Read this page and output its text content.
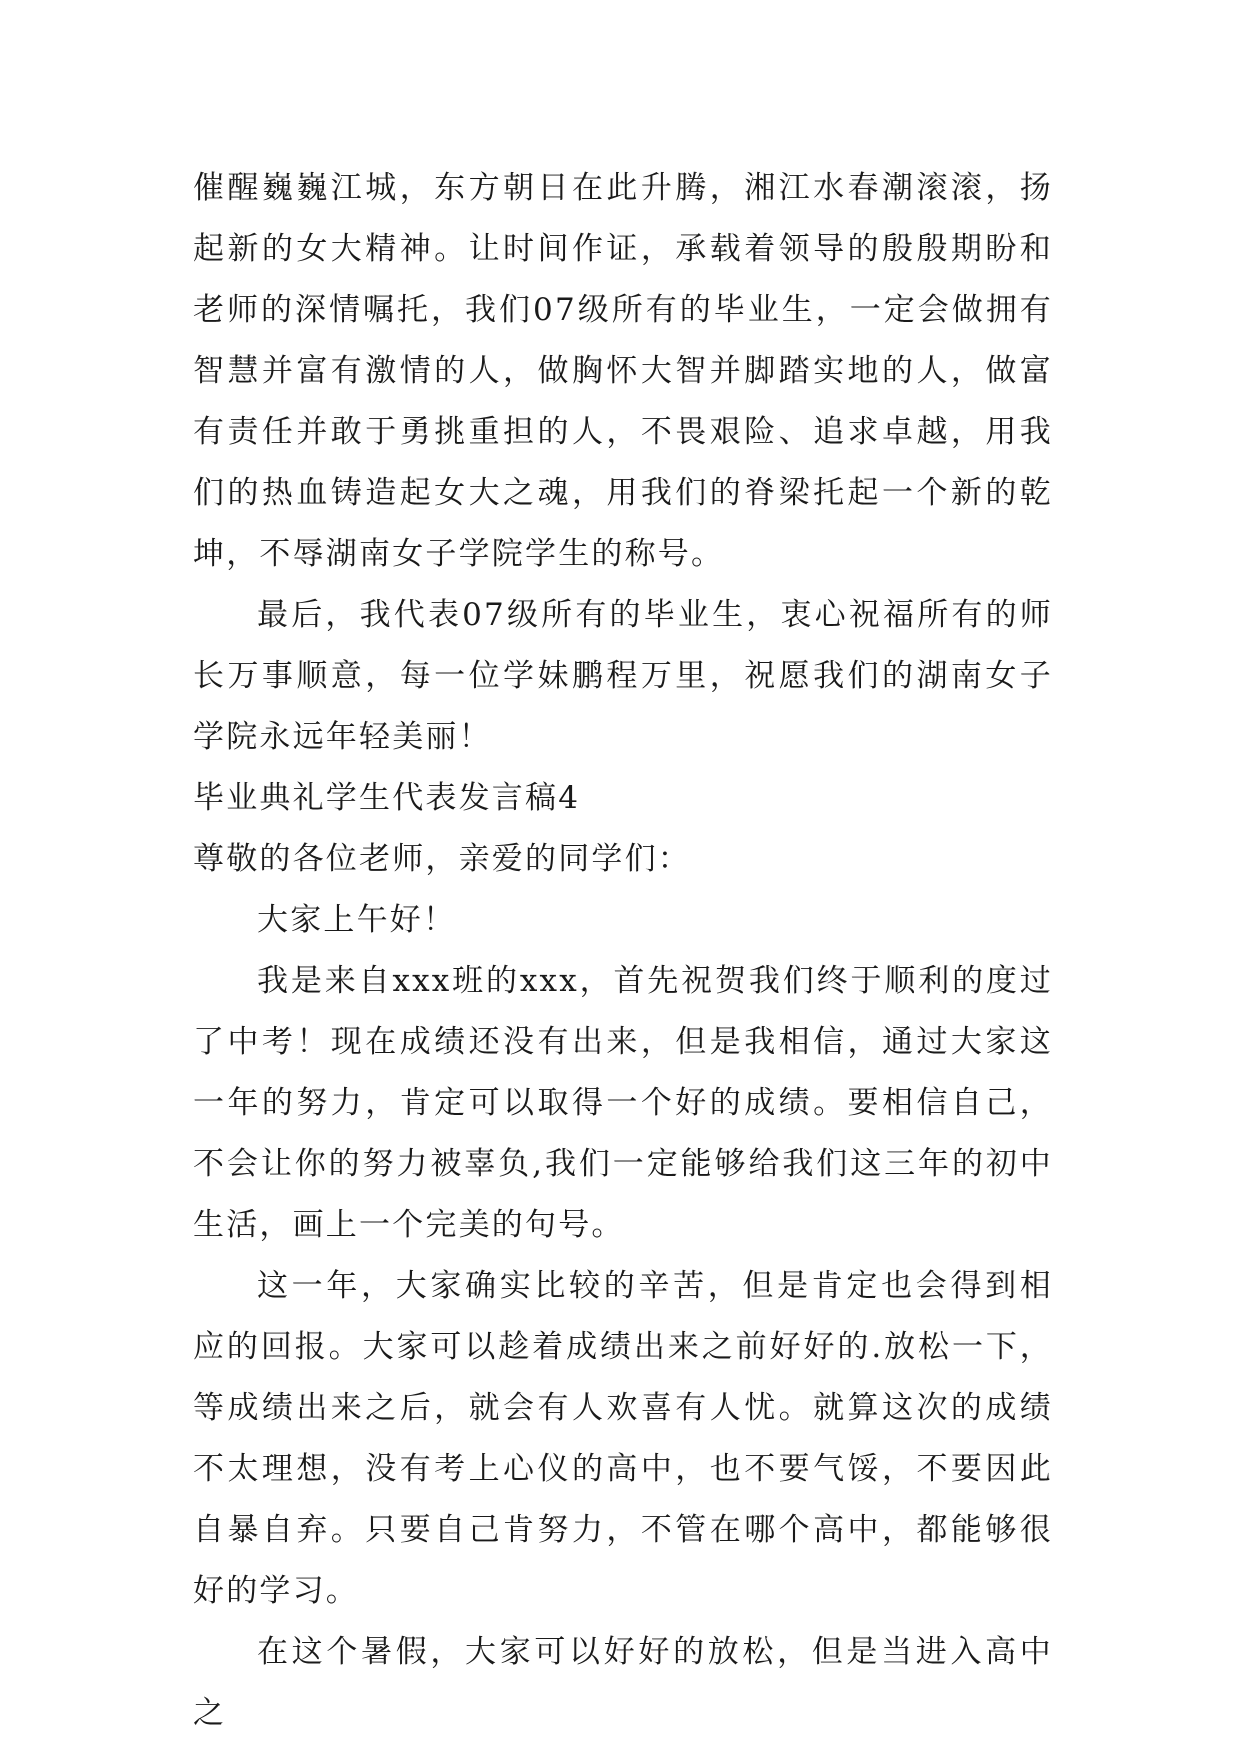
催醒巍巍江城，东方朝日在此升腾，湘江水春潮滚滚，扬起新的女大精神。让时间作证，承载着领导的殷殷期盼和老师的深情嘱托，我们07级所有的毕业生，一定会做拥有智慧并富有激情的人，做胸怀大智并脚踏实地的人，做富有责任并敢于勇挑重担的人，不畏艰险、追求卓越，用我们的热血铸造起女大之魂，用我们的脊梁托起一个新的乾坤，不辱湖南女子学院学生的称号。

最后，我代表07级所有的毕业生，衷心祝福所有的师长万事顺意，每一位学妹鹏程万里，祝愿我们的湖南女子学院永远年轻美丽！

毕业典礼学生代表发言稿4

尊敬的各位老师，亲爱的同学们：

大家上午好！

我是来自xxx班的xxx，首先祝贺我们终于顺利的度过了中考！现在成绩还没有出来，但是我相信，通过大家这一年的努力，肯定可以取得一个好的成绩。要相信自己，不会让你的努力被辜负,我们一定能够给我们这三年的初中生活，画上一个完美的句号。

这一年，大家确实比较的辛苦，但是肯定也会得到相应的回报。大家可以趁着成绩出来之前好好的.放松一下，等成绩出来之后，就会有人欢喜有人忧。就算这次的成绩不太理想，没有考上心仪的高中，也不要气馁，不要因此自暴自弃。只要自己肯努力，不管在哪个高中，都能够很好的学习。

在这个暑假，大家可以好好的放松，但是当进入高中之
